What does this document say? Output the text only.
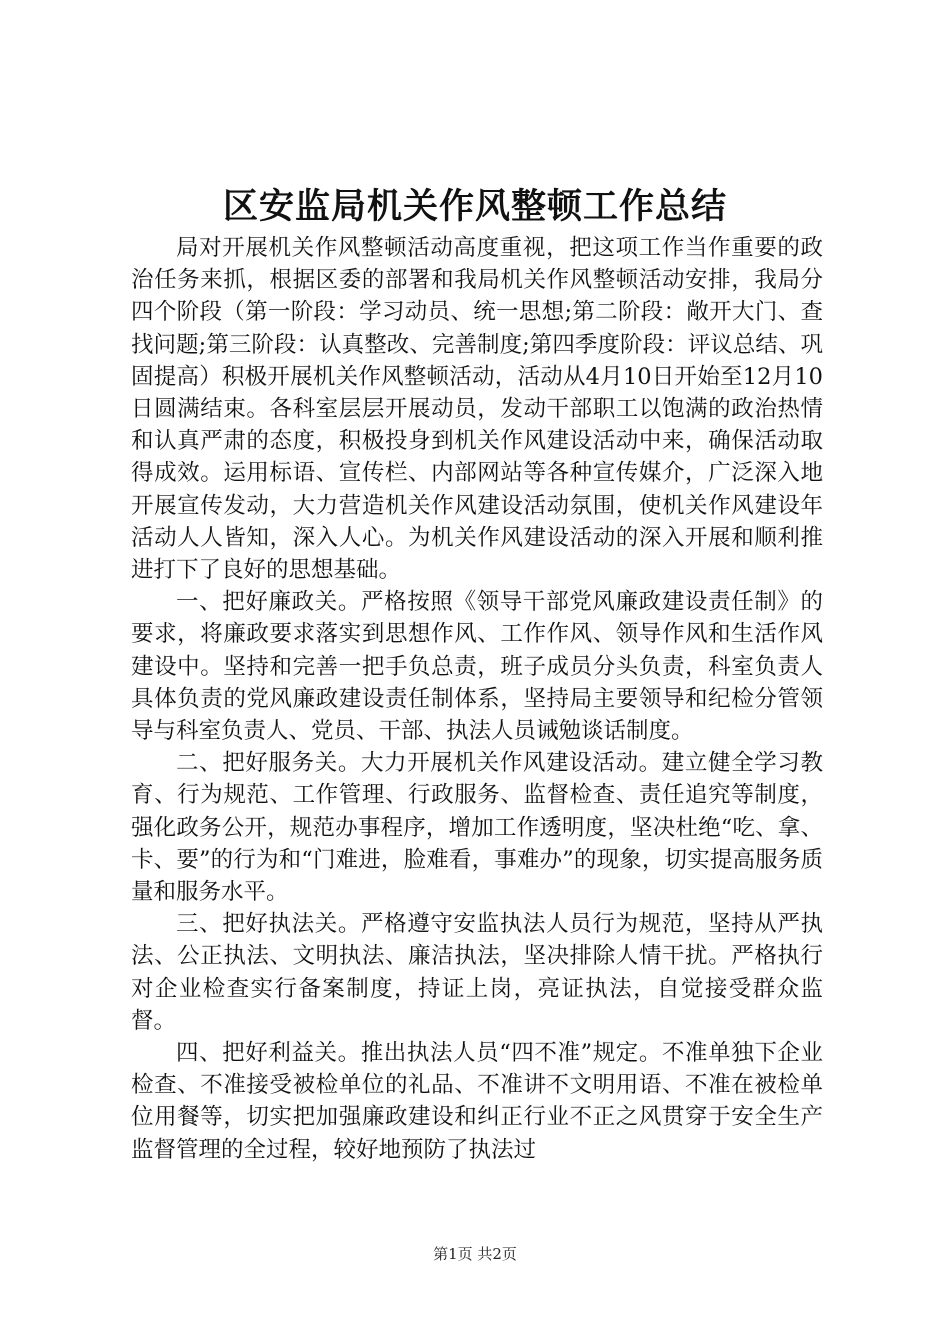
区安监局机关作风整顿工作总结

局对开展机关作风整顿活动高度重视，把这项工作当作重要的政治任务来抓，根据区委的部署和我局机关作风整顿活动安排，我局分四个阶段（第一阶段：学习动员、统一思想;第二阶段：敞开大门、查找问题;第三阶段：认真整改、完善制度;第四季度阶段：评议总结、巩固提高）积极开展机关作风整顿活动，活动从4月10日开始至12月10日圆满结束。各科室层层开展动员，发动干部职工以饱满的政治热情和认真严肃的态度，积极投身到机关作风建设活动中来，确保活动取得成效。运用标语、宣传栏、内部网站等各种宣传媒介，广泛深入地开展宣传发动，大力营造机关作风建设活动氛围，使机关作风建设年活动人人皆知，深入人心。为机关作风建设活动的深入开展和顺利推进打下了良好的思想基础。

一、把好廉政关。严格按照《领导干部党风廉政建设责任制》的要求，将廉政要求落实到思想作风、工作作风、领导作风和生活作风建设中。坚持和完善一把手负总责，班子成员分头负责，科室负责人具体负责的党风廉政建设责任制体系，坚持局主要领导和纪检分管领导与科室负责人、党员、干部、执法人员诫勉谈话制度。

二、把好服务关。大力开展机关作风建设活动。建立健全学习教育、行为规范、工作管理、行政服务、监督检查、责任追究等制度，强化政务公开，规范办事程序，增加工作透明度，坚决杜绝“吃、拿、卡、要”的行为和“门难进，脸难看，事难办”的现象，切实提高服务质量和服务水平。

三、把好执法关。严格遵守安监执法人员行为规范，坚持从严执法、公正执法、文明执法、廉洁执法，坚决排除人情干扰。严格执行对企业检查实行备案制度，持证上岗，亮证执法，自觉接受群众监督。

四、把好利益关。推出执法人员“四不准”规定。不准单独下企业检查、不准接受被检单位的礼品、不准讲不文明用语、不准在被检单位用餐等，切实把加强廉政建设和纠正行业不正之风贯穿于安全生产监督管理的全过程，较好地预防了执法过

第1页 共2页
